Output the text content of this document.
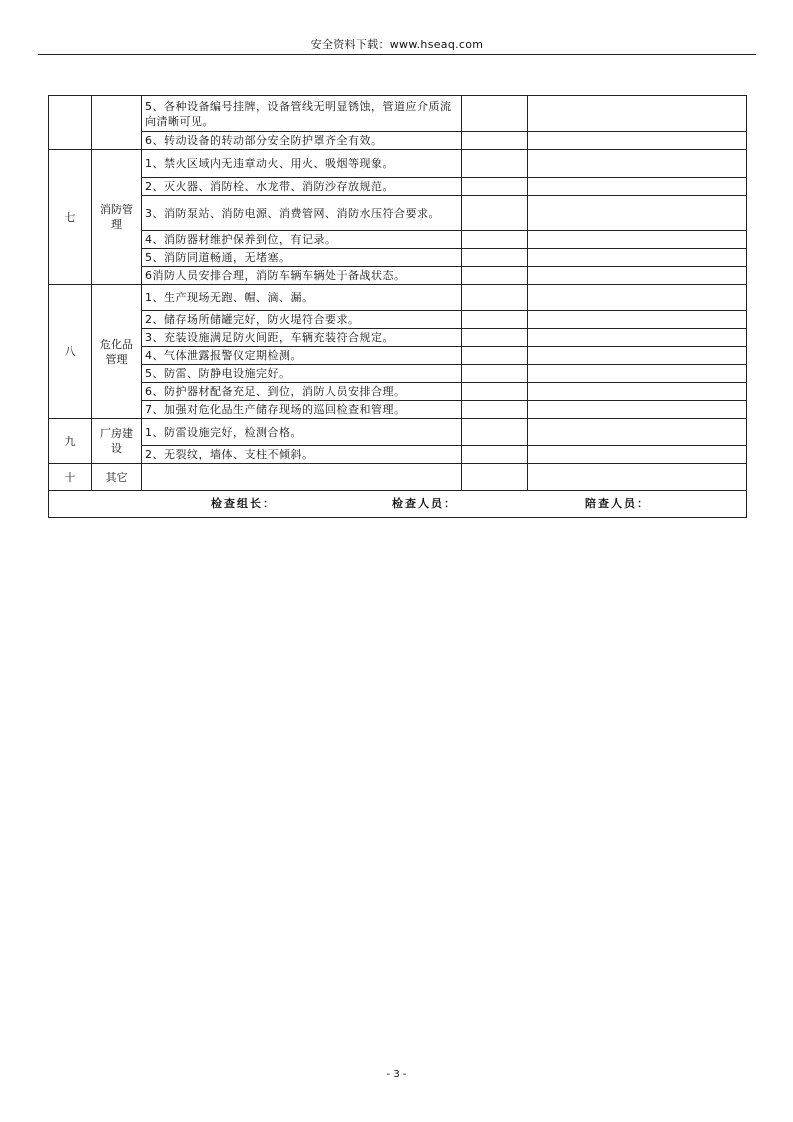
安全资料下载：www.hseaq.com
		5、各种设备编号挂牌，设备管线无明显锈蚀，管道应介质流向清晰可见。		
		6、转动设备的转动部分安全防护罩齐全有效。		
七	消防管理	1、禁火区域内无违章动火、用火、吸烟等现象。		
		2、灭火器、消防栓、水龙带、消防沙存放规范。		
		3、消防泵站、消防电源、消费管网、消防水压符合要求。		
		4、消防器材维护保养到位，有记录。		
		5、消防同道畅通，无堵塞。		
		6消防人员安排合理，消防车辆车辆处于备战状态。		
八	危化品管理	1、生产现场无跑、帽、滴、漏。		
		2、储存场所储罐完好，防火堤符合要求。		
		3、充装设施满足防火间距，车辆充装符合规定。		
		4、气体泄露报警仪定期检测。		
		5、防雷、防静电设施完好。		
		6、防护器材配备充足、到位，消防人员安排合理。		
		7、加强对危化品生产储存现场的巡回检查和管理。		
九	厂房建设	1、防雷设施完好，检测合格。		
		2、无裂纹，墙体、支柱不倾斜。		
十	其它			

检查组长： 检查人员： 陪查人员：				
- 3 -
